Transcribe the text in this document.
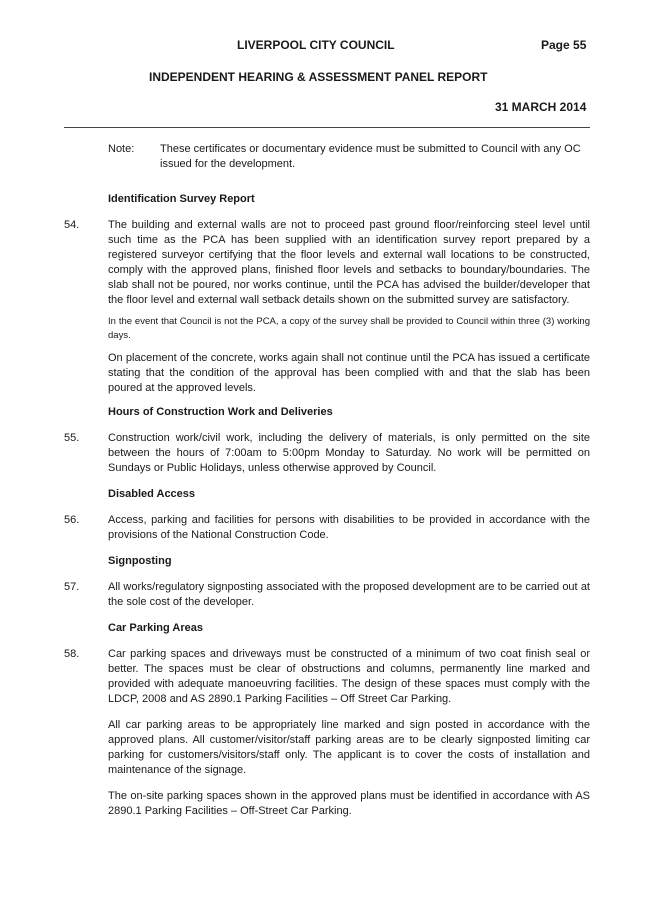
LIVERPOOL CITY COUNCIL	Page 55
INDEPENDENT HEARING & ASSESSMENT PANEL REPORT
31 MARCH 2014
Note:	These certificates or documentary evidence must be submitted to Council with any OC issued for the development.
Identification Survey Report
54.	The building and external walls are not to proceed past ground floor/reinforcing steel level until such time as the PCA has been supplied with an identification survey report prepared by a registered surveyor certifying that the floor levels and external wall locations to be constructed, comply with the approved plans, finished floor levels and setbacks to boundary/boundaries. The slab shall not be poured, nor works continue, until the PCA has advised the builder/developer that the floor level and external wall setback details shown on the submitted survey are satisfactory.
In the event that Council is not the PCA, a copy of the survey shall be provided to Council within three (3) working days.
On placement of the concrete, works again shall not continue until the PCA has issued a certificate stating that the condition of the approval has been complied with and that the slab has been poured at the approved levels.
Hours of Construction Work and Deliveries
55.	Construction work/civil work, including the delivery of materials, is only permitted on the site between the hours of 7:00am to 5:00pm Monday to Saturday. No work will be permitted on Sundays or Public Holidays, unless otherwise approved by Council.
Disabled Access
56.	Access, parking and facilities for persons with disabilities to be provided in accordance with the provisions of the National Construction Code.
Signposting
57.	All works/regulatory signposting associated with the proposed development are to be carried out at the sole cost of the developer.
Car Parking Areas
58.	Car parking spaces and driveways must be constructed of a minimum of two coat finish seal or better. The spaces must be clear of obstructions and columns, permanently line marked and provided with adequate manoeuvring facilities. The design of these spaces must comply with the LDCP, 2008 and AS 2890.1 Parking Facilities – Off Street Car Parking.
All car parking areas to be appropriately line marked and sign posted in accordance with the approved plans. All customer/visitor/staff parking areas are to be clearly signposted limiting car parking for customers/visitors/staff only. The applicant is to cover the costs of installation and maintenance of the signage.
The on-site parking spaces shown in the approved plans must be identified in accordance with AS 2890.1 Parking Facilities – Off-Street Car Parking.
